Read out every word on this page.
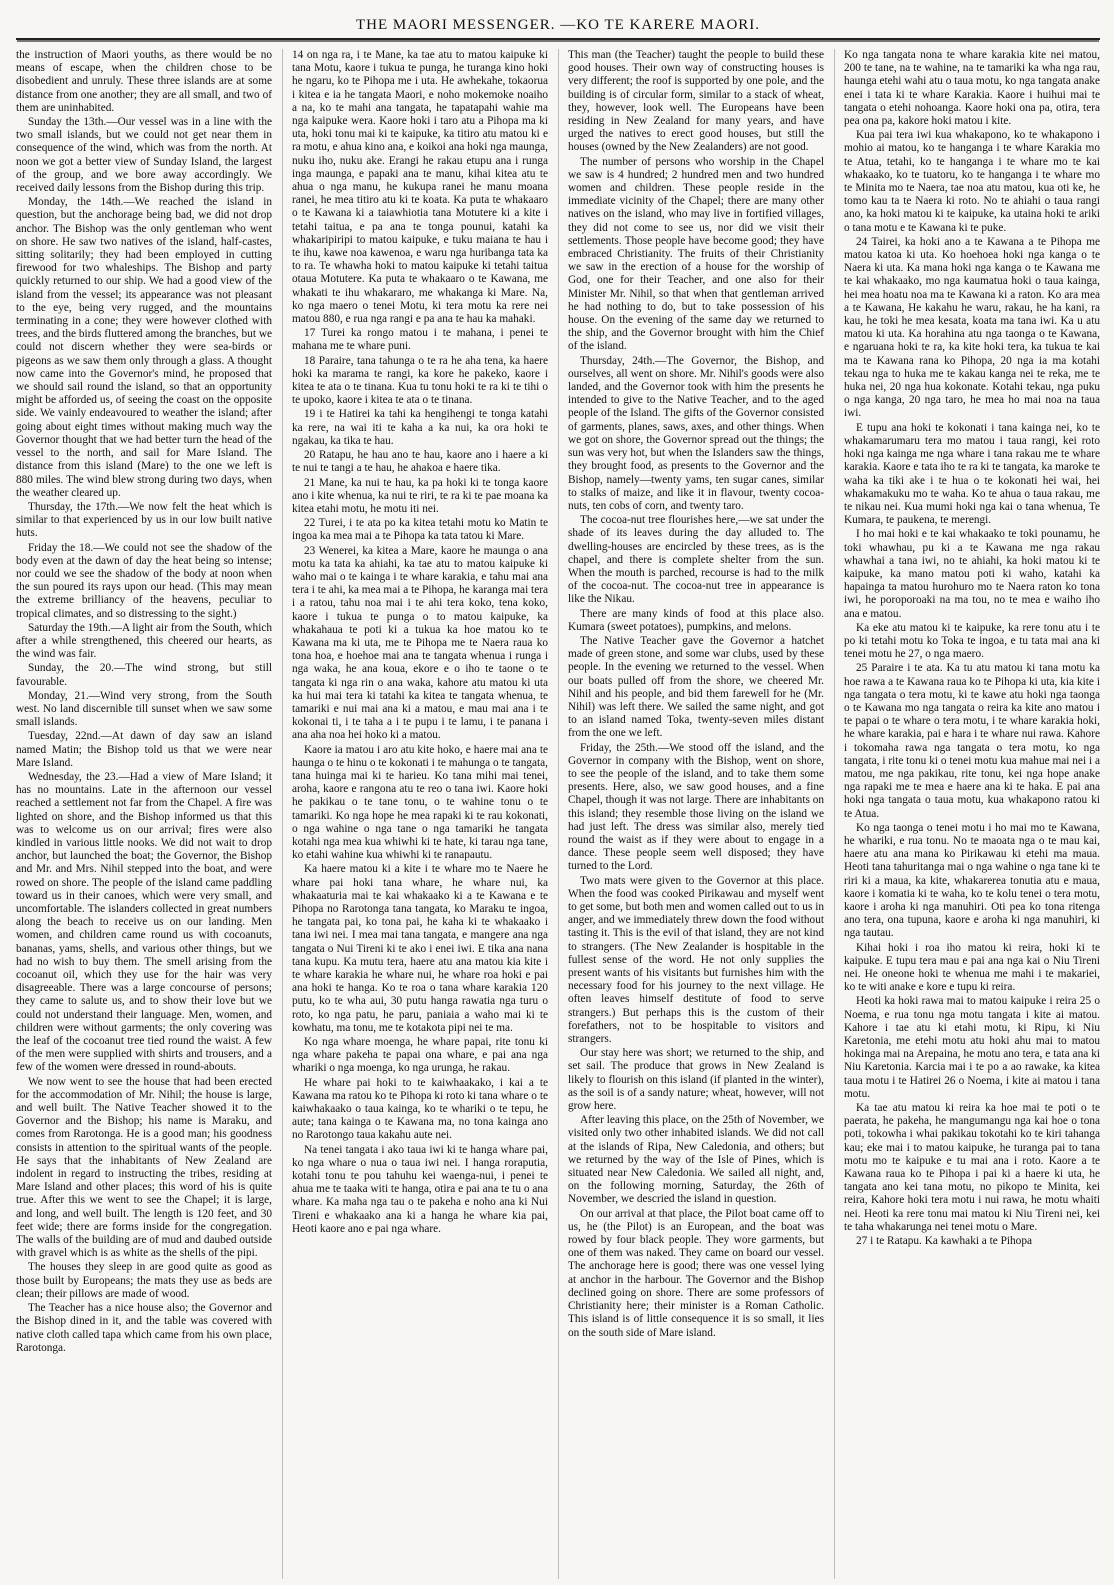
THE MAORI MESSENGER. —KO TE KARERE MAORI.

the instruction of Maori youths, as there would be no means of escape, when the children chose to be disobedient and unruly. These three islands are at some distance from one another; they are all small, and two of them are uninhabited.

Sunday the 13th.—Our vessel was in a line with the two small islands, but we could not get near them in consequence of the wind, which was from the north. At noon we got a better view of Sunday Island, the largest of the group, and we bore away accordingly. We received daily lessons from the Bishop during this trip.

Monday, the 14th.—We reached the island in question, but the anchorage being bad, we did not drop anchor. The Bishop was the only gentleman who went on shore. He saw two natives of the island, half-castes, sitting solitarily; they had been employed in cutting firewood for two whaleships. The Bishop and party quickly returned to our ship. We had a good view of the island from the vessel; its appearance was not pleasant to the eye, being very rugged, and the mountains terminating in a cone; they were however clothed with trees, and the birds fluttered among the branches, but we could not discern whether they were sea-birds or pigeons as we saw them only through a glass. A thought now came into the Governor's mind, he proposed that we should sail round the island, so that an opportunity might be afforded us, of seeing the coast on the opposite side. We vainly endeavoured to weather the island; after going about eight times without making much way the Governor thought that we had better turn the head of the vessel to the north, and sail for Mare Island. The distance from this island (Mare) to the one we left is 880 miles. The wind blew strong during two days, when the weather cleared up.

Thursday, the 17th.—We now felt the heat which is similar to that experienced by us in our low built native huts.

Friday the 18.—We could not see the shadow of the body even at the dawn of day the heat being so intense; nor could we see the shadow of the body at noon when the sun poured its rays upon our head. (This may mean the extreme brilliancy of the heavens, peculiar to tropical climates, and so distressing to the sight.)

Saturday the 19th.—A light air from the South, which after a while strengthened, this cheered our hearts, as the wind was fair.

Sunday, the 20.—The wind strong, but still favourable.

Monday, 21.—Wind very strong, from the South west. No land discernible till sunset when we saw some small islands.

Tuesday, 22nd.—At dawn of day saw an island named Matin; the Bishop told us that we were near Mare Island.

Wednesday, the 23.—Had a view of Mare Island; it has no mountains. Late in the afternoon our vessel reached a settlement not far from the Chapel. A fire was lighted on shore, and the Bishop informed us that this was to welcome us on our arrival; fires were also kindled in various little nooks. We did not wait to drop anchor, but launched the boat; the Governor, the Bishop and Mr. and Mrs. Nihil stepped into the boat, and were rowed on shore. The people of the island came paddling toward us in their canoes, which were very small, and uncomfortable. The islanders collected in great numbers along the beach to receive us on our landing. Men women, and children came round us with cocoanuts, bananas, yams, shells, and various other things, but we had no wish to buy them. The smell arising from the cocoanut oil, which they use for the hair was very disagreeable. There was a large concourse of persons; they came to salute us, and to show their love but we could not understand their language. Men, women, and children were without garments; the only covering was the leaf of the cocoanut tree tied round the waist. A few of the men were supplied with shirts and trousers, and a few of the women were dressed in round-abouts.

We now went to see the house that had been erected for the accommodation of Mr. Nihil; the house is large, and well built. The Native Teacher showed it to the Governor and the Bishop; his name is Maraku, and comes from Rarotonga. He is a good man; his goodness consists in attention to the spiritual wants of the people. He says that the inhabitants of New Zealand are indolent in regard to instructing the tribes, residing at Mare Island and other places; this word of his is quite true. After this we went to see the Chapel; it is large, and long, and well built. The length is 120 feet, and 30 feet wide; there are forms inside for the congregation. The walls of the building are of mud and daubed outside with gravel which is as white as the shells of the pipi.

The houses they sleep in are good quite as good as those built by Europeans; the mats they use as beds are clean; their pillows are made of wood.

The Teacher has a nice house also; the Governor and the Bishop dined in it, and the table was covered with native cloth called tapa which came from his own place, Rarotonga.

14 on nga ra, i te Mane, ka tae atu to matou kaipuke ki tana Motu, kaore i tukua te punga, he turanga kino hoki he ngaru, ko te Pihopa me i uta. He awhekahe, tokaorua i kitea e ia he tangata Maori, e noho mokemoke noaiho a na, ko te mahi ana tangata, he tapatapahi wahie ma nga kaipuke wera. Kaore hoki i taro atu a Pihopa ma ki uta, hoki tonu mai ki te kaipuke, ka titiro atu matou ki e ra motu, e ahua kino ana, e koikoi ana hoki nga maunga, nuku iho, nuku ake. Erangi he rakau etupu ana i runga inga maunga, e papaki ana te manu, kihai kitea atu te ahua o nga manu, he kukupa ranei he manu moana ranei, he mea titiro atu ki te koata. Ka puta te whakaaro o te Kawana ki a taiawhiotia tana Motutere ki a kite i tetahi taitua, e pa ana te tonga pounui, katahi ka whakaripiripi to matou kaipuke, e tuku maiana te hau i te ihu, kawe noa kawenoa, e waru nga huribanga tata ka to ra. Te whawha hoki to matou kaipuke ki tetahi taitua otaua Motutere. Ka puta te whakaaro o te Kawana, me whakati te ihu whakararo, me whakanga ki Mare. Na, ko nga maero o tenei Motu, ki tera motu ka rere nei matou 880, e rua nga rangi e pa ana te hau ka mahaki.

17 Turei ka rongo matou i te mahana, i penei te mahana me te whare puni.

18 Paraire, tana tahunga o te ra he aha tena, ka haere hoki ka marama te rangi, ka kore he pakeko, kaore i kitea te ata o te tinana. Kua tu tonu hoki te ra ki te tihi o te upoko, kaore i kitea te ata o te tinana.

19 i te Hatirei ka tahi ka hengihengi te tonga katahi ka rere, na wai iti te kaha a ka nui, ka ora hoki te ngakau, ka tika te hau.

20 Ratapu, he hau ano te hau, kaore ano i haere a ki te nui te tangi a te hau, he ahakoa e haere tika.

21 Mane, ka nui te hau, ka pa hoki ki te tonga kaore ano i kite whenua, ka nui te riri, te ra ki te pae moana ka kitea etahi motu, he motu iti nei.

22 Turei, i te ata po ka kitea tetahi motu ko Matin te ingoa ka mea mai a te Pihopa ka tata tatou ki Mare.

23 Wenerei, ka kitea a Mare, kaore he maunga o ana motu ka tata ka ahiahi, ka tae atu to matou kaipuke ki waho mai o te kainga i te whare karakia, e tahu mai ana tera i te ahi, ka mea mai a te Pihopa, he karanga mai tera i a ratou, tahu noa mai i te ahi tera koko, tena koko, kaore i tukua te punga o to matou kaipuke, ka whakahaua te poti ki a tukua ka hoe matou ko te Kawana ma ki uta, me te Pihopa me te Naera raua ko tona hoa, e hoehoe mai ana te tangata whenua i runga i nga waka, he ana koua, ekore e o iho te taone o te tangata ki nga rin o ana waka, kahore atu matou ki uta ka hui mai tera ki tatahi ka kitea te tangata whenua, te tamariki e nui mai ana ki a matou, e mau mai ana i te kokonai ti, i te taha a i te pupu i te lamu, i te panana i ana aha noa hei hoko ki a matou.

Kaore ia matou i aro atu kite hoko, e haere mai ana te haunga o te hinu o te kokonati i te mahunga o te tangata, tana huinga mai ki te harieu. Ko tana mihi mai tenei, aroha, kaore e rangona atu te reo o tana iwi. Kaore hoki he pakikau o te tane tonu, o te wahine tonu o te tamariki. Ko nga hope he mea rapaki ki te rau kokonati, o nga wahine o nga tane o nga tamariki he tangata kotahi nga mea kua whiwhi ki te hate, ki tarau nga tane, ko etahi wahine kua whiwhi ki te ranapautu.

Ka haere matou ki a kite i te whare mo te Naere he whare pai hoki tana whare, he whare nui, ka whakaaturia mai te kai whakaako ki a te Kawana e te Pihopa no Rarotonga tana tangata, ko Maraku te ingoa, he tangata pai, ko tona pai, he kaha ki te whakaako i tana iwi nei. I mea mai tana tangata, e mangere ana nga tangata o Nui Tireni ki te ako i enei iwi. E tika ana nana tana kupu. Ka mutu tera, haere atu ana matou kia kite i te whare karakia he whare nui, he whare roa hoki e pai ana hoki te hanga. Ko te roa o tana whare karakia 120 putu, ko te wha aui, 30 putu hanga rawatia nga turu o roto, ko nga patu, he paru, paniaia a waho mai ki te kowhatu, ma tonu, me te kotakota pipi nei te ma.

Ko nga whare moenga, he whare papai, rite tonu ki nga whare pakeha te papai ona whare, e pai ana nga whariki o nga moenga, ko nga urunga, he rakau.

He whare pai hoki to te kaiwhaakako, i kai a te Kawana ma ratou ko te Pihopa ki roto ki tana whare o te kaiwhakaako o taua kainga, ko te whariki o te tepu, he aute; tana kainga o te Kawana ma, no tona kainga ano no Rarotongo taua kakahu aute nei.

Na tenei tangata i ako taua iwi ki te hanga whare pai, ko nga whare o nua o taua iwi nei. I hanga roraputia, kotahi tonu te pou tahuhu kei waenga-nui, i penei te ahua me te taaka witi te hanga, otira e pai ana te tu o ana whare. Ka maha nga tau o te pakeha e noho ana ki Nui Tireni e whakaako ana ki a hanga he whare kia pai, Heoti kaore ano e pai nga whare.

This man (the Teacher) taught the people to build these good houses. Their own way of constructing houses is very different; the roof is supported by one pole, and the building is of circular form, similar to a stack of wheat, they, however, look well. The Europeans have been residing in New Zealand for many years, and have urged the natives to erect good houses, but still the houses (owned by the New Zealanders) are not good.

The number of persons who worship in the Chapel we saw is 4 hundred; 2 hundred men and two hundred women and children. These people reside in the immediate vicinity of the Chapel; there are many other natives on the island, who may live in fortified villages, they did not come to see us, nor did we visit their settlements. Those people have become good; they have embraced Christianity. The fruits of their Christianity we saw in the erection of a house for the worship of God, one for their Teacher, and one also for their Minister Mr. Nihil, so that when that gentleman arrived he had nothing to do, but to take possession of his house. On the evening of the same day we returned to the ship, and the Governor brought with him the Chief of the island.

Thursday, 24th.—The Governor, the Bishop, and ourselves, all went on shore. Mr. Nihil's goods were also landed, and the Governor took with him the presents he intended to give to the Native Teacher, and to the aged people of the Island. The gifts of the Governor consisted of garments, planes, saws, axes, and other things. When we got on shore, the Governor spread out the things; the sun was very hot, but when the Islanders saw the things, they brought food, as presents to the Governor and the Bishop, namely—twenty yams, ten sugar canes, similar to stalks of maize, and like it in flavour, twenty cocoa-nuts, ten cobs of corn, and twenty taro.

The cocoa-nut tree flourishes here,—we sat under the shade of its leaves during the day alluded to. The dwelling-houses are encircled by these trees, as is the chapel, and there is complete shelter from the sun. When the mouth is parched, recourse is had to the milk of the cocoa-nut. The cocoa-nut tree in appearance is like the Nikau.

There are many kinds of food at this place also. Kumara (sweet potatoes), pumpkins, and melons.

The Native Teacher gave the Governor a hatchet made of green stone, and some war clubs, used by these people. In the evening we returned to the vessel. When our boats pulled off from the shore, we cheered Mr. Nihil and his people, and bid them farewell for he (Mr. Nihil) was left there. We sailed the same night, and got to an island named Toka, twenty-seven miles distant from the one we left.

Friday, the 25th.—We stood off the island, and the Governor in company with the Bishop, went on shore, to see the people of the island, and to take them some presents. Here, also, we saw good houses, and a fine Chapel, though it was not large. There are inhabitants on this island; they resemble those living on the island we had just left. The dress was similar also, merely tied round the waist as if they were about to engage in a dance. These people seem well disposed; they have turned to the Lord.

Two mats were given to the Governor at this place. When the food was cooked Pirikawau and myself went to get some, but both men and women called out to us in anger, and we immediately threw down the food without tasting it. This is the evil of that island, they are not kind to strangers. (The New Zealander is hospitable in the fullest sense of the word. He not only supplies the present wants of his visitants but furnishes him with the necessary food for his journey to the next village. He often leaves himself destitute of food to serve strangers.) But perhaps this is the custom of their forefathers, not to be hospitable to visitors and strangers.

Our stay here was short; we returned to the ship, and set sail. The produce that grows in New Zealand is likely to flourish on this island (if planted in the winter), as the soil is of a sandy nature; wheat, however, will not grow here.

After leaving this place, on the 25th of November, we visited only two other inhabited islands. We did not call at the islands of Ripa, New Caledonia, and others; but we returned by the way of the Isle of Pines, which is situated near New Caledonia. We sailed all night, and, on the following morning, Saturday, the 26th of November, we descried the island in question.

On our arrival at that place, the Pilot boat came off to us, he (the Pilot) is an European, and the boat was rowed by four black people. They wore garments, but one of them was naked. They came on board our vessel. The anchorage here is good; there was one vessel lying at anchor in the harbour. The Governor and the Bishop declined going on shore. There are some professors of Christianity here; their minister is a Roman Catholic. This island is of little consequence it is so small, it lies on the south side of Mare island.

Ko nga tangata nona te whare karakia kite nei matou, 200 te tane, na te wahine, na te tamariki ka wha nga rau, haunga etehi wahi atu o taua motu, ko nga tangata anake enei i tata ki te whare Karakia. Kaore i huihui mai te tangata o etehi nohoanga. Kaore hoki ona pa, otira, tera pea ona pa, kakore hoki matou i kite.

Kua pai tera iwi kua whakapono, ko te whakapono i mohio ai matou, ko te hanganga i te whare Karakia mo te Atua, tetahi, ko te hanganga i te whare mo te kai whakaako, ko te tuatoru, ko te hanganga i te whare mo te Minita mo te Naera, tae noa atu matou, kua oti ke, he tomo kau ta te Naera ki roto. No te ahiahi o taua rangi ano, ka hoki matou ki te kaipuke, ka utaina hoki te ariki o tana motu e te Kawana ki te puke.

24 Tairei, ka hoki ano a te Kawana a te Pihopa me matou katoa ki uta. Ko hoehoea hoki nga kanga o te Naera ki uta. Ka mana hoki nga kanga o te Kawana me te kai whakaako, mo nga kaumatua hoki o taua kainga, hei mea hoatu noa ma te Kawana ki a raton. Ko ara mea a te Kawana, He kakahu he waru, rakau, he ha kani, ra kau, he toki he mea kesata, koata ma tana iwi. Ka u atu matou ki uta. Ka horahina atu nga taonga o te Kawana, e ngaruana hoki te ra, ka kite hoki tera, ka tukua te kai ma te Kawana rana ko Pihopa, 20 nga ia ma kotahi tekau nga to huka me te kakau kanga nei te reka, me te huka nei, 20 nga hua kokonate. Kotahi tekau, nga puku o nga kanga, 20 nga taro, he mea ho mai noa na taua iwi.

E tupu ana hoki te kokonati i tana kainga nei, ko te whakamarumaru tera mo matou i taua rangi, kei roto hoki nga kainga me nga whare i tana rakau me te whare karakia. Kaore e tata iho te ra ki te tangata, ka maroke te waha ka tiki ake i te hua o te kokonati hei wai, hei whakamakuku mo te waha. Ko te ahua o taua rakau, me te nikau nei. Kua mumi hoki nga kai o tana whenua, Te Kumara, te paukena, te merengi.

I ho mai hoki e te kai whakaako te toki pounamu, he toki whawhau, pu ki a te Kawana me nga rakau whawhai a tana iwi, no te ahiahi, ka hoki matou ki te kaipuke, ka mano matou poti ki waho, katahi ka hapainga ta matou hurohuro mo te Naera raton ko tona iwi, he poroporoaki na ma tou, no te mea e waiho iho ana e matou.

Ka eke atu matou ki te kaipuke, ka rere tonu atu i te po ki tetahi motu ko Toka te ingoa, e tu tata mai ana ki tenei motu he 27, o nga maero.

25 Paraire i te ata. Ka tu atu matou ki tana motu ka hoe rawa a te Kawana raua ko te Pihopa ki uta, kia kite i nga tangata o tera motu, ki te kawe atu hoki nga taonga o te Kawana mo nga tangata o reira ka kite ano matou i te papai o te whare o tera motu, i te whare karakia hoki, he whare karakia, pai e hara i te whare nui rawa. Kahore i tokomaha rawa nga tangata o tera motu, ko nga tangata, i rite tonu ki o tenei motu kua mahue mai nei i a matou, me nga pakikau, rite tonu, kei nga hope anake nga rapaki me te mea e haere ana ki te haka. E pai ana hoki nga tangata o taua motu, kua whakapono ratou ki te Atua.

Ko nga taonga o tenei motu i ho mai mo te Kawana, he whariki, e rua tonu. No te maoata nga o te mau kai, haere atu ana mana ko Pirikawau ki etehi ma maua. Heoti tana tahuritanga mai o nga wahine o nga tane ki te riri ki a maua, ka kite, whakarerea tonutia atu e maua, kaore i komatia ki te waha, ko te kolu tenei o tera motu, kaore i aroha ki nga manuhiri. Oti pea ko tona ritenga ano tera, ona tupuna, kaore e aroha ki nga manuhiri, ki nga tautau.

Kihai hoki i roa iho matou ki reira, hoki ki te kaipuke. E tupu tera mau e pai ana nga kai o Niu Tireni nei. He oneone hoki te whenua me mahi i te makariei, ko te witi anake e kore e tupu ki reira.

Heoti ka hoki rawa mai to matou kaipuke i reira 25 o Noema, e rua tonu nga motu tangata i kite ai matou. Kahore i tae atu ki etahi motu, ki Ripu, ki Niu Karetonia, me etehi motu atu hoki ahu mai to matou hokinga mai na Arepaina, he motu ano tera, e tata ana ki Niu Karetonia. Karcia mai i te po a ao rawake, ka kitea taua motu i te Hatirei 26 o Noema, i kite ai matou i tana motu.

Ka tae atu matou ki reira ka hoe mai te poti o te paerata, he pakeha, he mangumangu nga kai hoe o tona poti, tokowha i whai pakikau tokotahi ko te kiri tahanga kau; eke mai i to matou kaipuke, he turanga pai to tana motu mo te kaipuke e tu mai ana i roto. Kaore a te Kawana raua ko te Pihopa i pai ki a haere ki uta, he tangata ano kei tana motu, no pikopo te Minita, kei reira, Kahore hoki tera motu i nui rawa, he motu whaiti nei. Heoti ka rere tonu mai matou ki Niu Tireni nei, kei te taha whakarunga nei tenei motu o Mare.

27 i te Ratapu. Ka kawhaki a te Pihopa
